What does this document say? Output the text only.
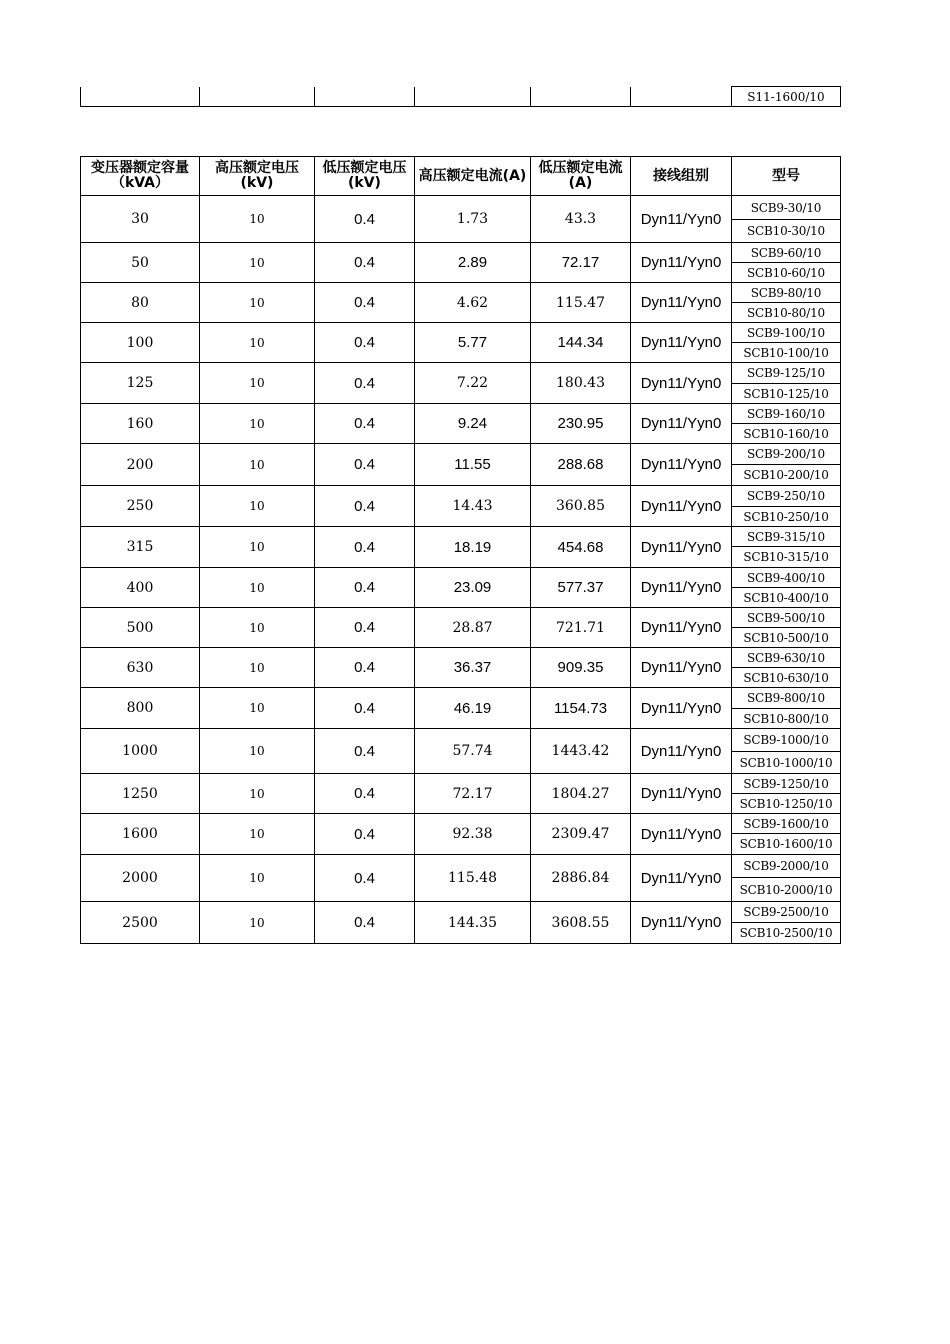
						S11-1600/10
变压器额定容量（kVA）	高压额定电压(kV)	低压额定电压(kV)	高压额定电流(A)	低压额定电流(A)	接线组别	型号
30	10	0.4	1.73	43.3	Dyn11/Yyn0	SCB9-30/10
						SCB10-30/10
50	10	0.4	2.89	72.17	Dyn11/Yyn0	SCB9-60/10
						SCB10-60/10
80	10	0.4	4.62	115.47	Dyn11/Yyn0	SCB9-80/10
						SCB10-80/10
100	10	0.4	5.77	144.34	Dyn11/Yyn0	SCB9-100/10
						SCB10-100/10
125	10	0.4	7.22	180.43	Dyn11/Yyn0	SCB9-125/10
						SCB10-125/10
160	10	0.4	9.24	230.95	Dyn11/Yyn0	SCB9-160/10
						SCB10-160/10
200	10	0.4	11.55	288.68	Dyn11/Yyn0	SCB9-200/10
						SCB10-200/10
250	10	0.4	14.43	360.85	Dyn11/Yyn0	SCB9-250/10
						SCB10-250/10
315	10	0.4	18.19	454.68	Dyn11/Yyn0	SCB9-315/10
						SCB10-315/10
400	10	0.4	23.09	577.37	Dyn11/Yyn0	SCB9-400/10
						SCB10-400/10
500	10	0.4	28.87	721.71	Dyn11/Yyn0	SCB9-500/10
						SCB10-500/10
630	10	0.4	36.37	909.35	Dyn11/Yyn0	SCB9-630/10
						SCB10-630/10
800	10	0.4	46.19	1154.73	Dyn11/Yyn0	SCB9-800/10
						SCB10-800/10
1000	10	0.4	57.74	1443.42	Dyn11/Yyn0	SCB9-1000/10
						SCB10-1000/10
1250	10	0.4	72.17	1804.27	Dyn11/Yyn0	SCB9-1250/10
						SCB10-1250/10
1600	10	0.4	92.38	2309.47	Dyn11/Yyn0	SCB9-1600/10
						SCB10-1600/10
2000	10	0.4	115.48	2886.84	Dyn11/Yyn0	SCB9-2000/10
						SCB10-2000/10
2500	10	0.4	144.35	3608.55	Dyn11/Yyn0	SCB9-2500/10
						SCB10-2500/10
